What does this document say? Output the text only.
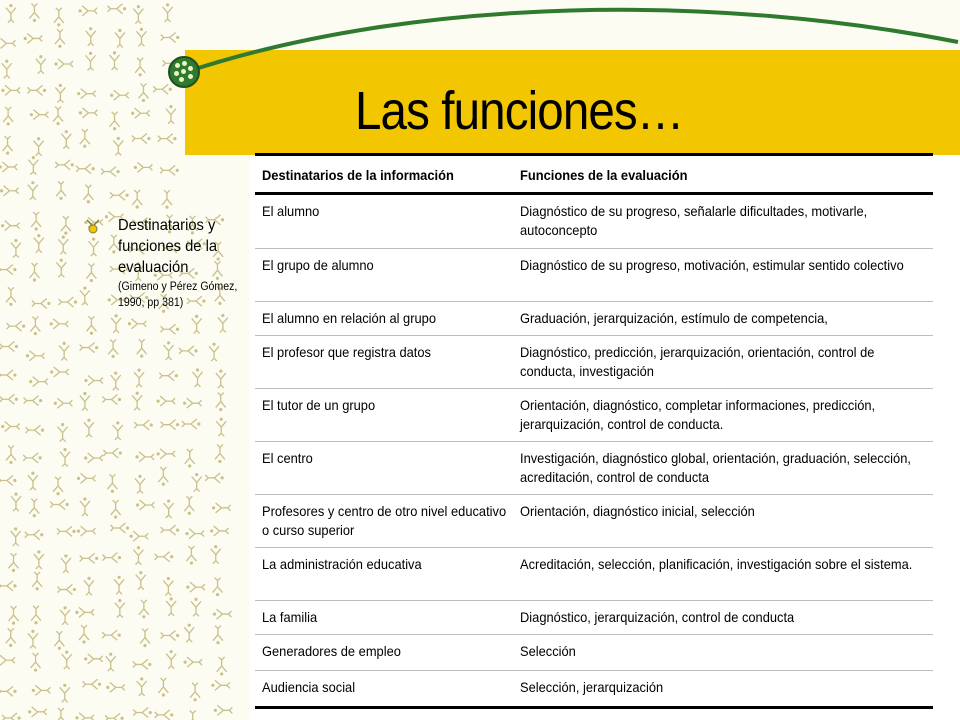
Las funciones…
Destinatarios y funciones de la evaluación
(Gimeno y Pérez Gómez, 1990, pp 381)
Destinatarios de la información	Funciones de la evaluación
El alumno	Diagnóstico de su progreso, señalarle dificultades, motivarle, autoconcepto

El grupo de alumno	Diagnóstico de su progreso, motivación, estimular sentido colectivo

El alumno en relación al grupo	Graduación, jerarquización, estímulo de competencia,

El profesor que registra datos	Diagnóstico, predicción, jerarquización, orientación, control de conducta, investigación

El tutor de un grupo	Orientación, diagnóstico, completar informaciones, predicción, jerarquización, control de conducta.

El centro	Investigación, diagnóstico global, orientación, graduación, selección, acreditación, control de conducta

Profesores y centro de otro nivel educativo o curso superior	Orientación, diagnóstico inicial, selección

La administración educativa	Acreditación, selección, planificación, investigación sobre el sistema.

La familia	Diagnóstico, jerarquización, control de conducta

Generadores de empleo	Selección

Audiencia social	Selección, jerarquización
